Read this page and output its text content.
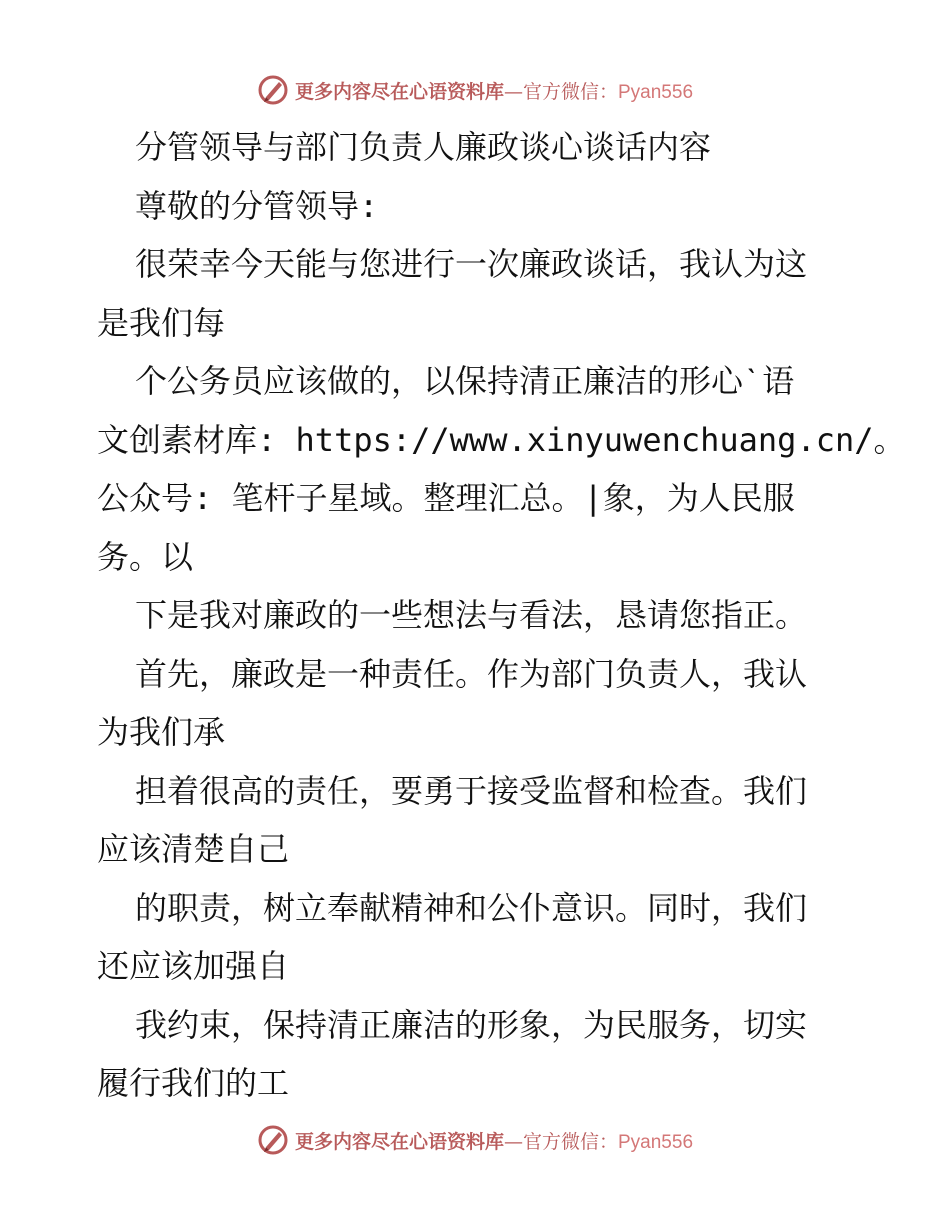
更多内容尽在心语资料库—官方微信：Pyan556
分管领导与部门负责人廉政谈心谈话内容
尊敬的分管领导:
很荣幸今天能与您进行一次廉政谈话，我认为这
是我们每
个公务员应该做的，以保持清正廉洁的形心ˋ语
文创素材库: https://www.xinyuwenchuang.cn/。
公众号: 笔杆子星域。整理汇总。|象，为人民服
务。以
下是我对廉政的一些想法与看法，恳请您指正。
首先，廉政是一种责任。作为部门负责人，我认
为我们承
担着很高的责任，要勇于接受监督和检查。我们
应该清楚自己
的职责，树立奉献精神和公仆意识。同时，我们
还应该加强自
我约束，保持清正廉洁的形象，为民服务，切实
履行我们的工
更多内容尽在心语资料库—官方微信：Pyan556
